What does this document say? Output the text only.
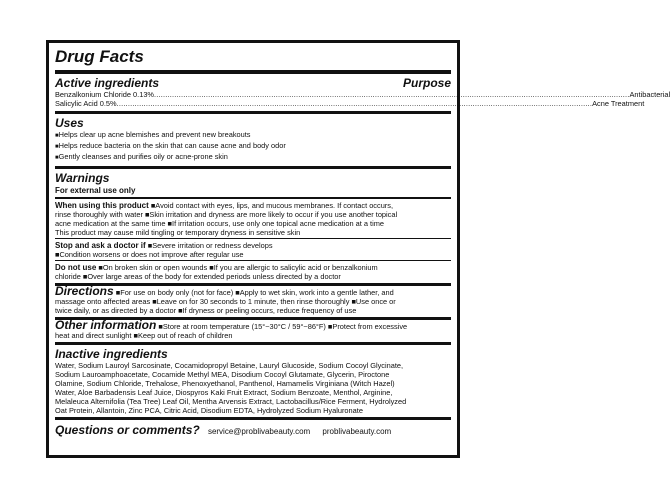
Drug Facts
Active ingredients	Purpose
Benzalkonium Chloride 0.13% ................................................................................................................................................................................................................... Antibacterial
Salicylic Acid 0.5% ................................................................................................................................................................................................................... Acne Treatment
Uses
■Helps clear up acne blemishes and prevent new breakouts
■Helps reduce bacteria on the skin that can cause acne and body odor
■Gently cleanses and purifies oily or acne-prone skin
Warnings
For external use only
When using this product ■Avoid contact with eyes, lips, and mucous membranes. If contact occurs,
rinse thoroughly with water ■Skin irritation and dryness are more likely to occur if you use another topical
acne medication at the same time ■If irritation occurs, use only one topical acne medication at a time
This product may cause mild tingling or temporary dryness in sensitive skin
Stop and ask a doctor if ■Severe irritation or redness develops
■Condition worsens or does not improve after regular use
Do not use ■On broken skin or open wounds ■If you are allergic to salicylic acid or benzalkonium
chloride ■Over large areas of the body for extended periods unless directed by a doctor
Directions ■For use on body only (not for face) ■Apply to wet skin, work into a gentle lather, and
massage onto affected areas ■Leave on for 30 seconds to 1 minute, then rinse thoroughly ■Use once or
twice daily, or as directed by a doctor ■If dryness or peeling occurs, reduce frequency of use
Other information ■Store at room temperature (15°~30°C / 59°~86°F) ■Protect from excessive
heat and direct sunlight ■Keep out of reach of children
Inactive ingredients
Water, Sodium Lauroyl Sarcosinate, Cocamidopropyl Betaine, Lauryl Glucoside, Sodium Cocoyl Glycinate,
Sodium Lauroamphoacetate, Cocamide Methyl MEA, Disodium Cocoyl Glutamate, Glycerin, Piroctone
Olamine, Sodium Chloride, Trehalose, Phenoxyethanol, Panthenol, Hamamelis Virginiana (Witch Hazel)
Water, Aloe Barbadensis Leaf Juice, Diospyros Kaki Fruit Extract, Sodium Benzoate, Menthol, Arginine,
Melaleuca Alternifolia (Tea Tree) Leaf Oil, Mentha Arvensis Extract, Lactobacillus/Rice Ferment, Hydrolyzed
Oat Protein, Allantoin, Zinc PCA, Citric Acid, Disodium EDTA, Hydrolyzed Sodium Hyaluronate
Questions or comments? service@problivabeauty.com problivabeauty.com
